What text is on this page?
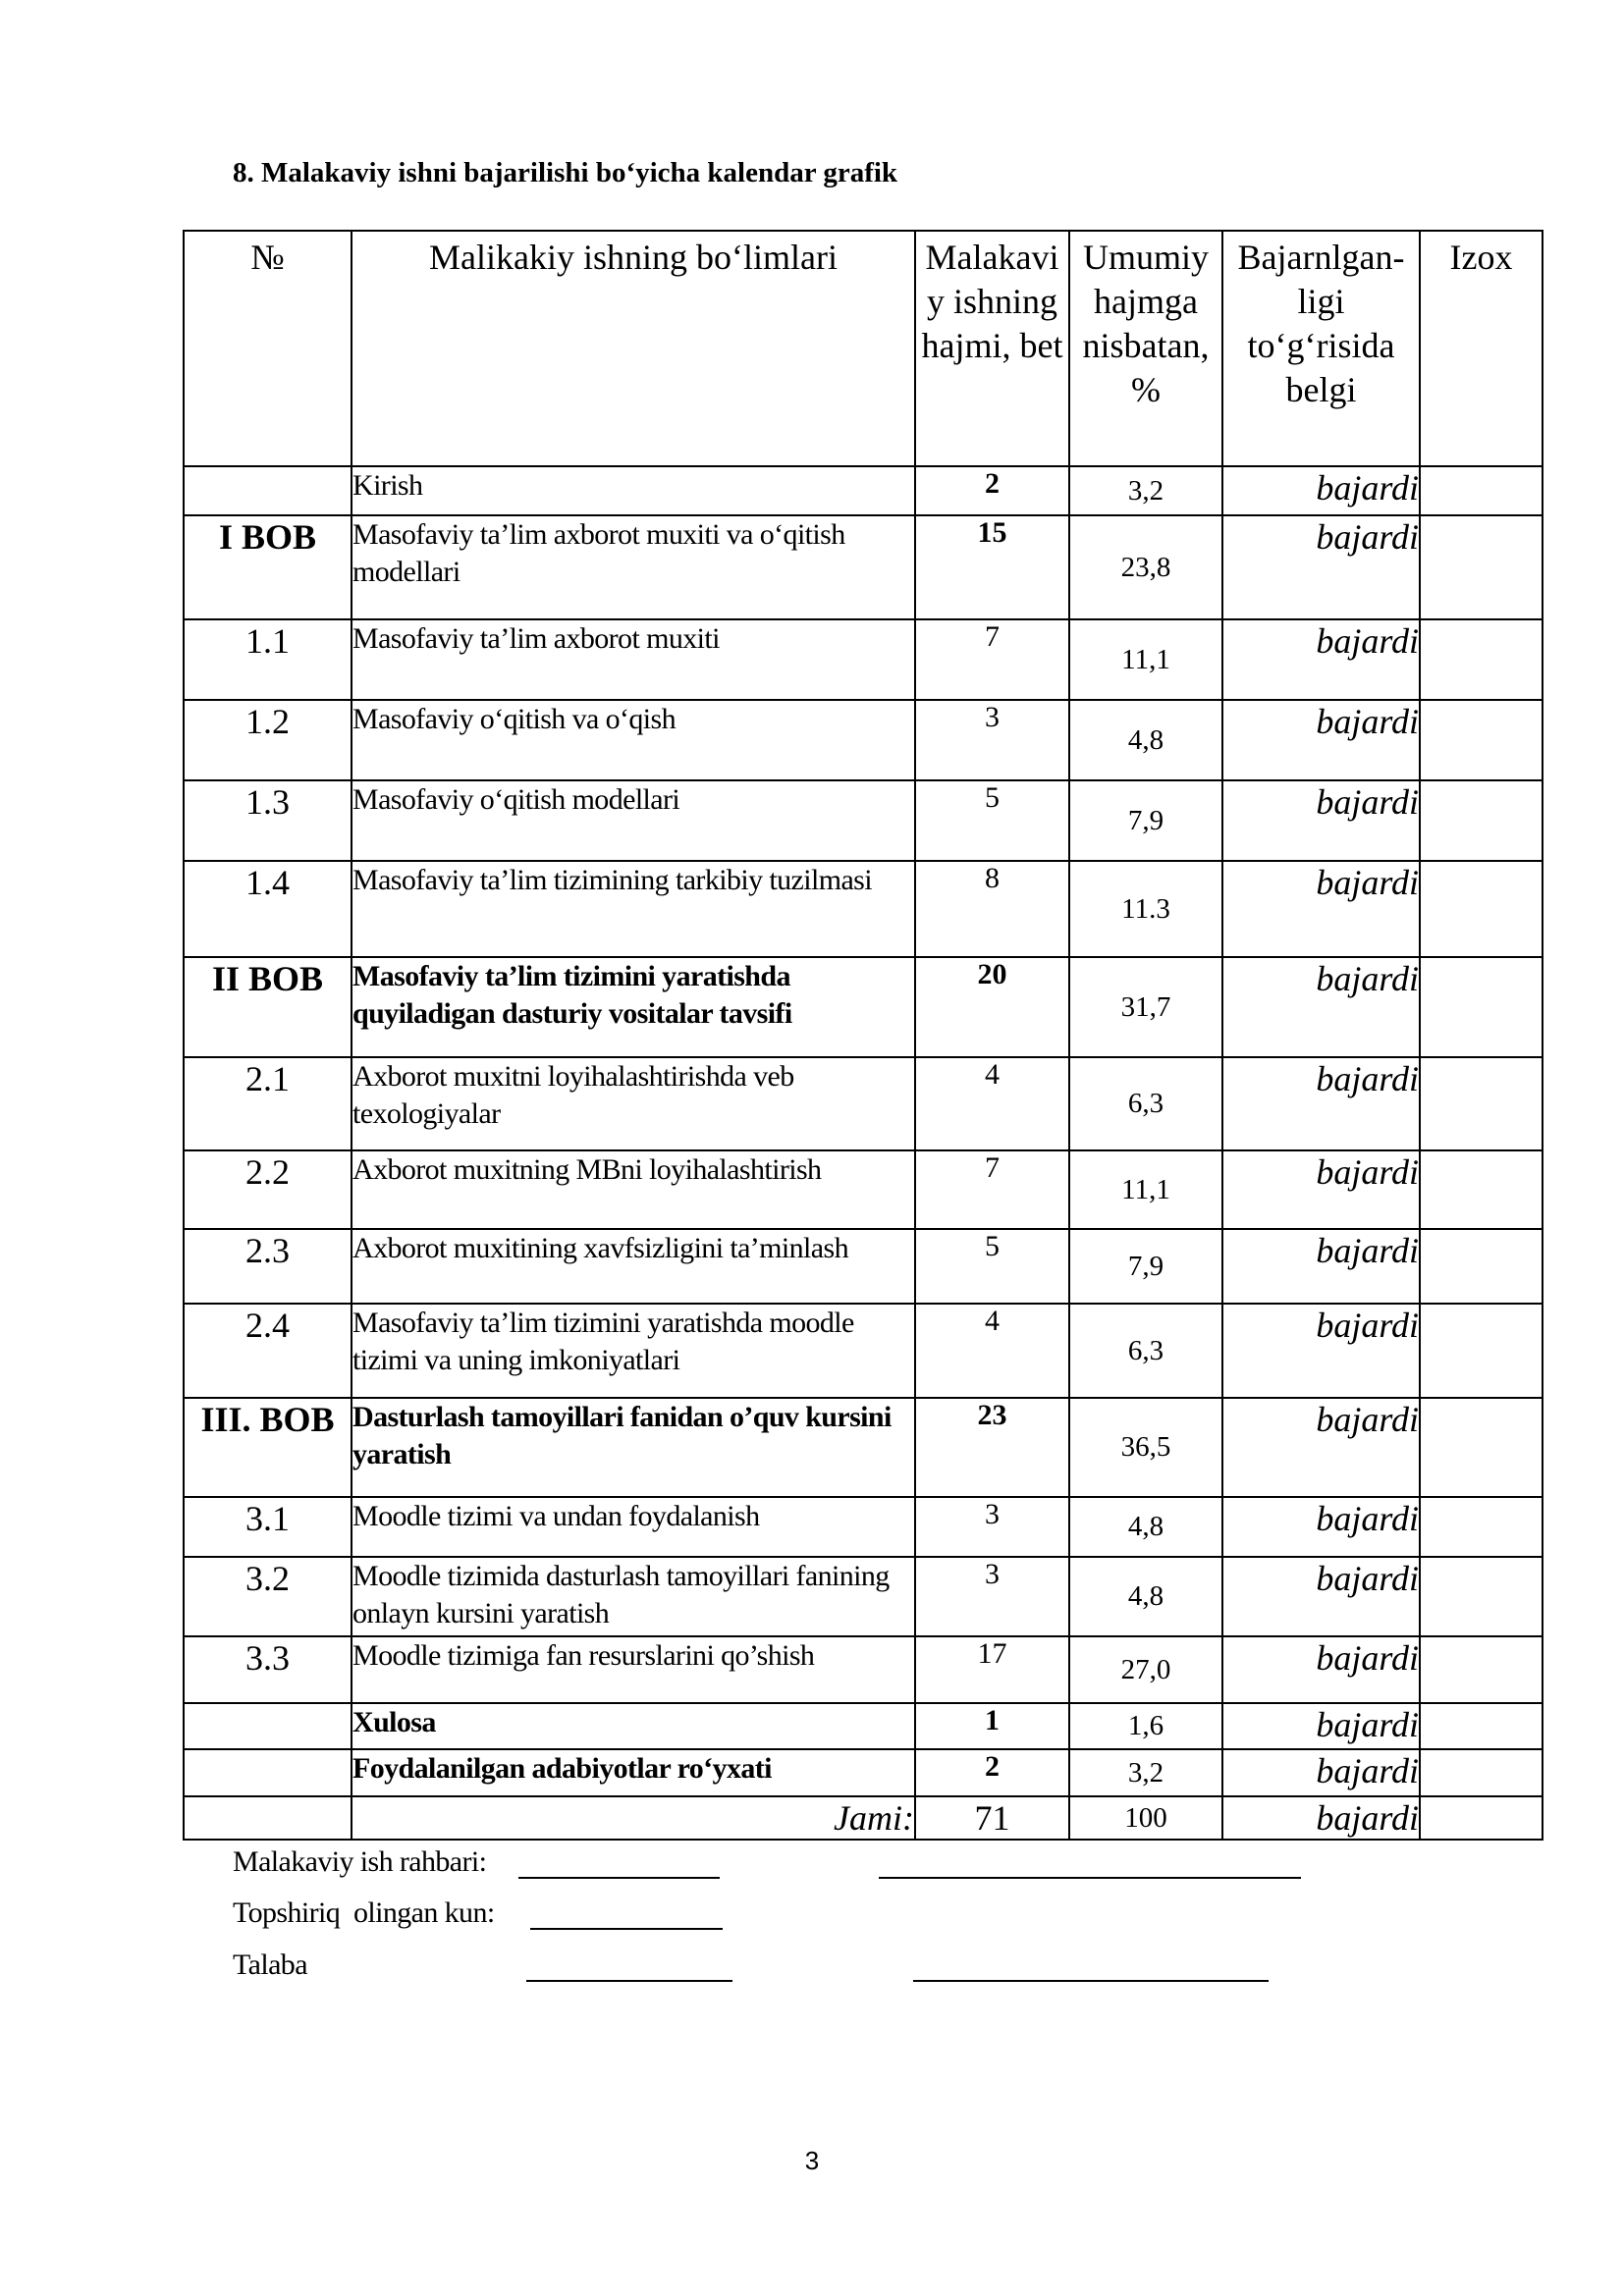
8. Malakaviy ishni bajarilishi bo‘yicha kalendar grafik
№	Malikakiy ishning bo‘limlari	Malakavi y ishning hajmi, bet	Umumiy hajmga nisbatan, %	Bajarnlgan-ligi to‘g‘risida belgi	Izox
	Kirish	2	3,2	bajardi	
I BOB	Masofaviy ta’lim axborot muxiti va o‘qitish modellari	15	23,8	bajardi	
1.1	Masofaviy ta’lim axborot muxiti	7	11,1	bajardi	
1.2	Masofaviy o‘qitish va o‘qish	3	4,8	bajardi	
1.3	Masofaviy o‘qitish modellari	5	7,9	bajardi	
1.4	Masofaviy ta’lim tizimining tarkibiy tuzilmasi	8	11.3	bajardi	
II BOB	Masofaviy ta’lim tizimini yaratishda quyiladigan dasturiy vositalar tavsifi	20	31,7	bajardi	
2.1	Axborot muxitni loyihalashtirishda veb texologiyalar	4	6,3	bajardi	
2.2	Axborot muxitning MBni loyihalashtirish	7	11,1	bajardi	
2.3	Axborot muxitining xavfsizligini ta’minlash	5	7,9	bajardi	
2.4	Masofaviy ta’lim tizimini yaratishda moodle tizimi va uning imkoniyatlari	4	6,3	bajardi	
III. BOB	Dasturlash tamoyillari fanidan o’quv kursini yaratish	23	36,5	bajardi	
3.1	Moodle tizimi va undan foydalanish	3	4,8	bajardi	
3.2	Moodle tizimida dasturlash tamoyillari fanining onlayn kursini yaratish	3	4,8	bajardi	
3.3	Moodle tizimiga fan resurslarini qo’shish	17	27,0	bajardi	
	Xulosa	1	1,6	bajardi	
	Foydalanilgan adabiyotlar ro‘yxati	2	3,2	bajardi	
	Jami:	71	100	bajardi	
Malakaviy ish rahbari:
Topshiriq  olingan kun:
Talaba
3
